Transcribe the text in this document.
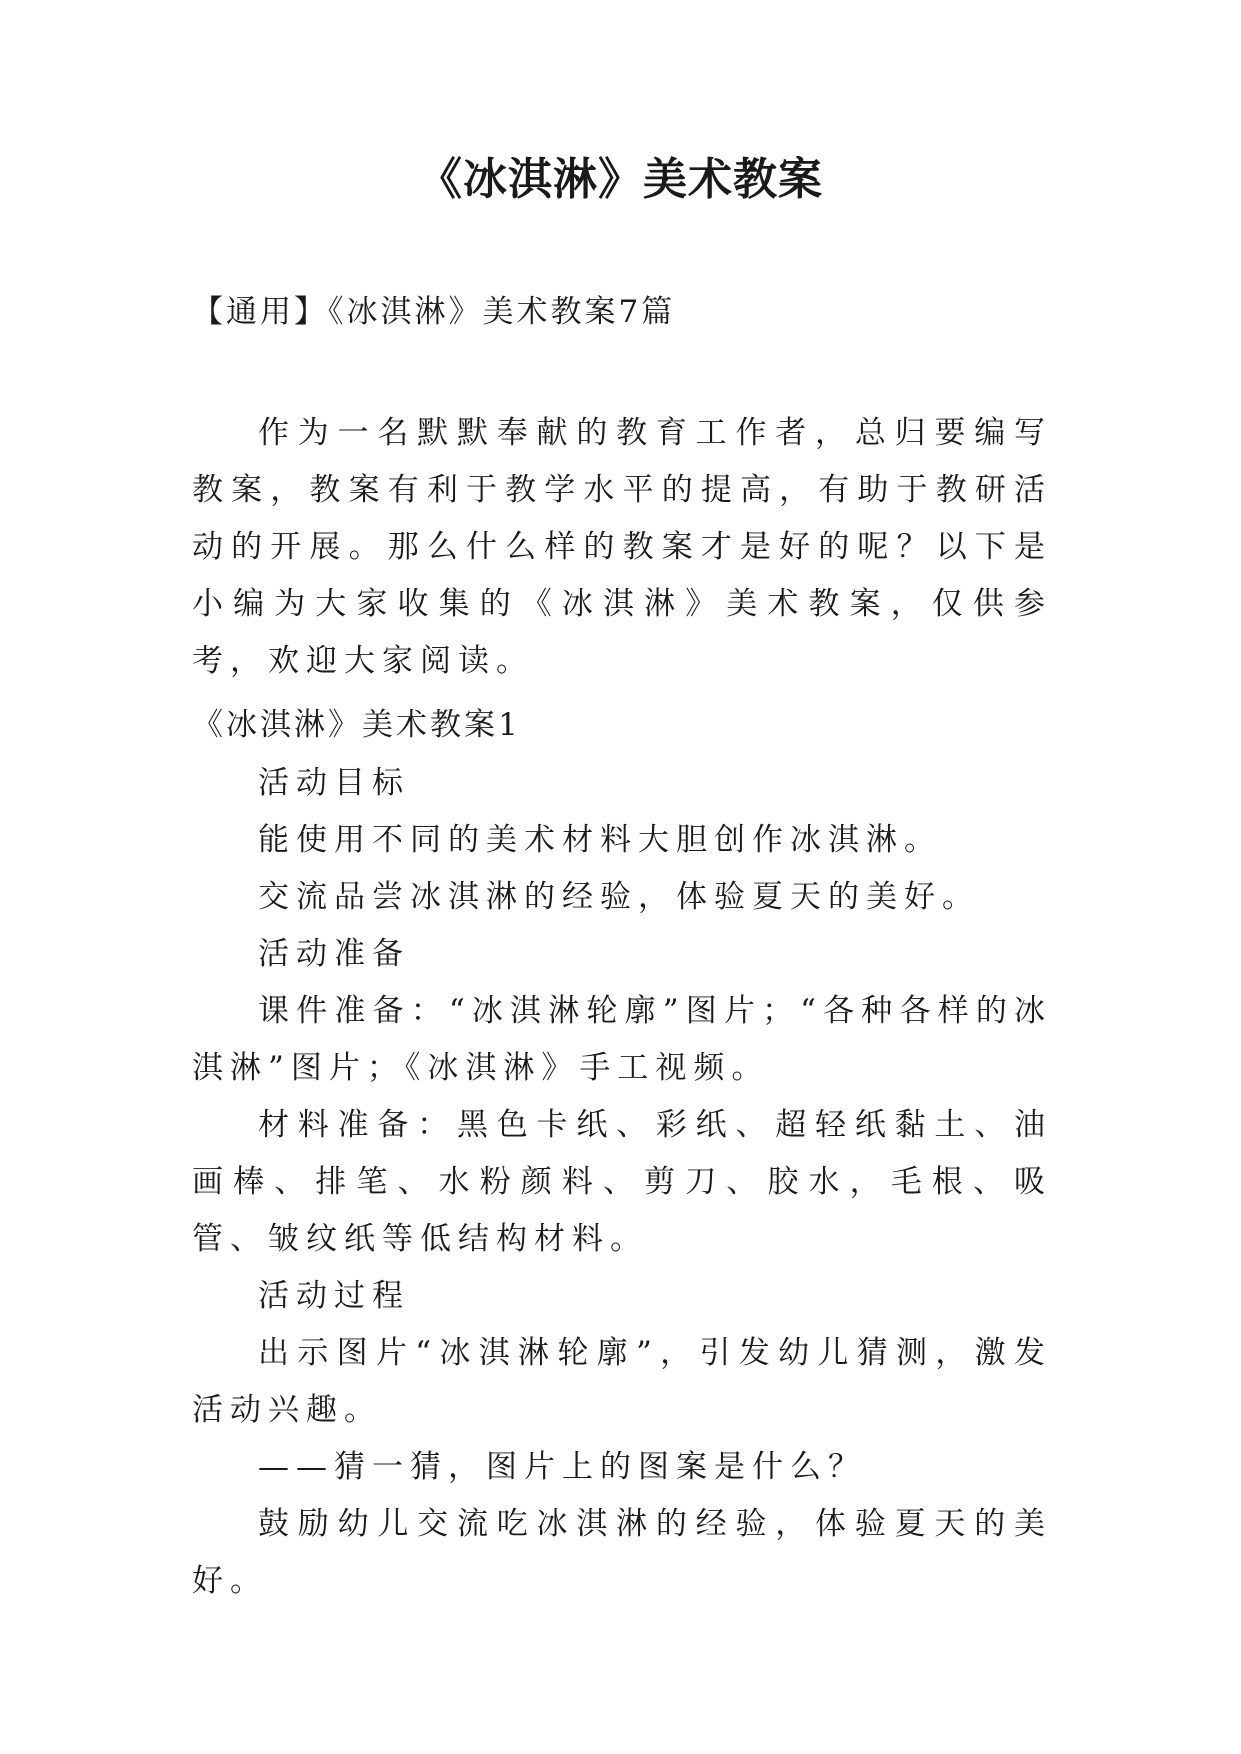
《冰淇淋》美术教案
【通用】《冰淇淋》美术教案7篇

作为一名默默奉献的教育工作者，总归要编写教案，教案有利于教学水平的提高，有助于教研活动的开展。那么什么样的教案才是好的呢？以下是小编为大家收集的《冰淇淋》美术教案，仅供参考，欢迎大家阅读。

《冰淇淋》美术教案1

活动目标

能使用不同的美术材料大胆创作冰淇淋。

交流品尝冰淇淋的经验，体验夏天的美好。

活动准备

课件准备：“冰淇淋轮廓”图片；“各种各样的冰淇淋”图片；《冰淇淋》手工视频。

材料准备：黑色卡纸、彩纸、超轻纸黏土、油画棒、排笔、水粉颜料、剪刀、胶水，毛根、吸管、皱纹纸等低结构材料。

活动过程

出示图片“冰淇淋轮廓”，引发幼儿猜测，激发活动兴趣。

——猜一猜，图片上的图案是什么？

鼓励幼儿交流吃冰淇淋的经验，体验夏天的美好。
